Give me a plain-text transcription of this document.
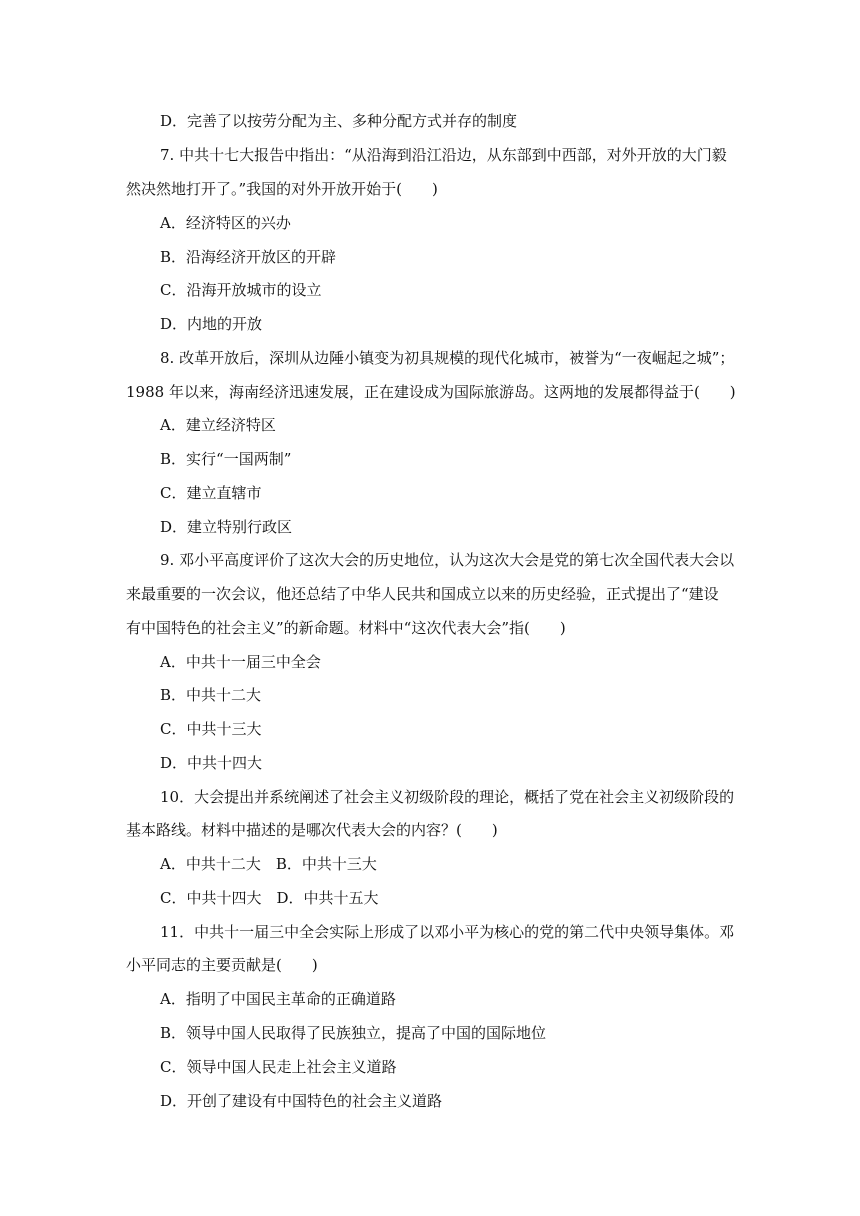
D．完善了以按劳分配为主、多种分配方式并存的制度
7. 中共十七大报告中指出：“从沿海到沿江沿边，从东部到中西部，对外开放的大门毅
然决然地打开了。”我国的对外开放开始于(　　)
A．经济特区的兴办
B．沿海经济开放区的开辟
C．沿海开放城市的设立
D．内地的开放
8. 改革开放后，深圳从边陲小镇变为初具规模的现代化城市，被誉为“一夜崛起之城”；
1988 年以来，海南经济迅速发展，正在建设成为国际旅游岛。这两地的发展都得益于(　　)
A．建立经济特区
B．实行“一国两制”
C．建立直辖市
D．建立特别行政区
9. 邓小平高度评价了这次大会的历史地位，认为这次大会是党的第七次全国代表大会以
来最重要的一次会议，他还总结了中华人民共和国成立以来的历史经验，正式提出了“建设
有中国特色的社会主义”的新命题。材料中“这次代表大会”指(　　)
A．中共十一届三中全会
B．中共十二大
C．中共十三大
D．中共十四大
10．大会提出并系统阐述了社会主义初级阶段的理论，概括了党在社会主义初级阶段的
基本路线。材料中描述的是哪次代表大会的内容？(　　)
A．中共十二大　B．中共十三大
C．中共十四大　D．中共十五大
11．中共十一届三中全会实际上形成了以邓小平为核心的党的第二代中央领导集体。邓
小平同志的主要贡献是(　　)
A．指明了中国民主革命的正确道路
B．领导中国人民取得了民族独立，提高了中国的国际地位
C．领导中国人民走上社会主义道路
D．开创了建设有中国特色的社会主义道路
